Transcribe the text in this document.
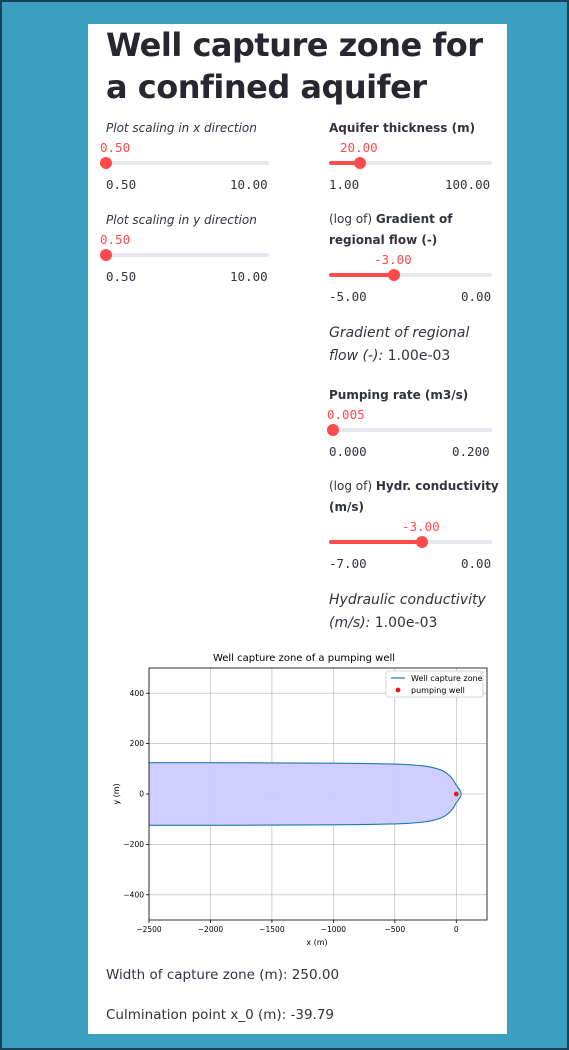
Well capture zone for a confined aquifer
Plot scaling in x direction
0.50
0.50	10.00
Plot scaling in y direction
0.50
0.50	10.00
Aquifer thickness (m)
20.00
1.00	100.00
(log of) Gradient of regional flow (-)
-3.00
-5.00	0.00
Gradient of regional flow (-): 1.00e-03
Pumping rate (m3/s)
0.005
0.000	0.200
(log of) Hydr. conductivity (m/s)
-3.00
-7.00	0.00
Hydraulic conductivity (m/s): 1.00e-03
Well capture zone of a pumping well
−2500	−2000	−1500	−1000	−500	0
−400
−200
0
200
400
x (m)
y (m)
Well capture zone
pumping well
Width of capture zone (m): 250.00
Culmination point x_0 (m): -39.79
